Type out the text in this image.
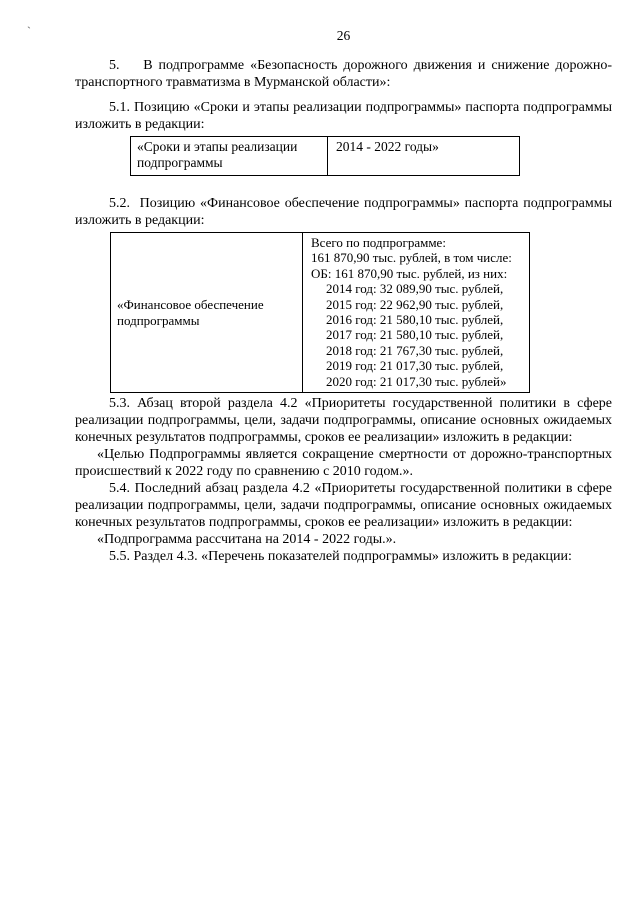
`	26

5.    В подпрограмме «Безопасность дорожного движения и снижение дорожно-транспортного травматизма в Мурманской области»:

5.1. Позицию «Сроки и этапы реализации подпрограммы» паспорта подпрограммы изложить в редакции:

«Сроки и этапы реализации подпрограммы
2014 - 2022 годы»

5.2.  Позицию «Финансовое обеспечение подпрограммы» паспорта подпрограммы изложить в редакции:

«Финансовое обеспечение подпрограммы
Всего по подпрограмме:
161 870,90 тыс. рублей, в том числе:
ОБ: 161 870,90 тыс. рублей, из них:
2014 год: 32 089,90 тыс. рублей,
2015 год: 22 962,90 тыс. рублей,
2016 год: 21 580,10 тыс. рублей,
2017 год: 21 580,10 тыс. рублей,
2018 год: 21 767,30 тыс. рублей,
2019 год: 21 017,30 тыс. рублей,
2020 год: 21 017,30 тыс. рублей»

5.3. Абзац второй раздела 4.2 «Приоритеты государственной политики в сфере реализации подпрограммы, цели, задачи подпрограммы, описание основных ожидаемых конечных результатов подпрограммы, сроков ее реализации» изложить в редакции:

«Целью Подпрограммы является сокращение смертности от дорожно-транспортных происшествий к 2022 году по сравнению с 2010 годом.».

5.4. Последний абзац раздела 4.2 «Приоритеты государственной политики в сфере реализации подпрограммы, цели, задачи подпрограммы, описание основных ожидаемых конечных результатов подпрограммы, сроков ее реализации» изложить в редакции:

«Подпрограмма рассчитана на 2014 - 2022 годы.».

5.5. Раздел 4.3. «Перечень показателей подпрограммы» изложить в редакции:
